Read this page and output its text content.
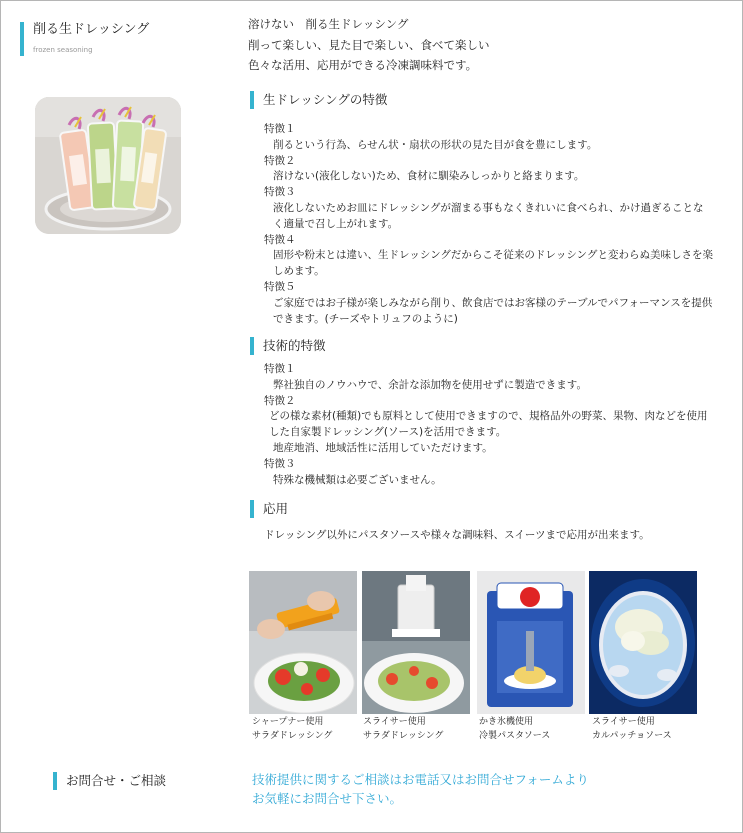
削る生ドレッシング
frozen seasoning
溶けない　削る生ドレッシング
削って楽しい、見た目で楽しい、食べて楽しい
色々な活用、応用ができる冷凍調味料です。
生ドレッシングの特徴
特徴１
削るという行為、らせん状・扇状の形状の見た目が食を豊にします。
特徴２
溶けない(液化しない)ため、食材に馴染みしっかりと絡まります。
特徴３
液化しないためお皿にドレッシングが溜まる事もなくきれいに食べられ、かけ過ぎることなく適量で召し上がれます。
特徴４
固形や粉末とは違い、生ドレッシングだからこそ従来のドレッシングと変わらぬ美味しさを楽しめます。
特徴５
ご家庭ではお子様が楽しみながら削り、飲食店ではお客様のテーブルでパフォーマンスを提供できます。(チーズやトリュフのように)
技術的特徴
特徴１
弊社独自のノウハウで、余計な添加物を使用せずに製造できます。
特徴２
どの様な素材(種類)でも原料として使用できますので、規格品外の野菜、果物、肉などを使用した自家製ドレッシング(ソース)を活用できます。
地産地消、地域活性に活用していただけます。
特徴３
特殊な機械類は必要ございません。
応用
ドレッシング以外にパスタソースや様々な調味料、スイーツまで応用が出来ます。
シャープナー使用
サラダドレッシング
スライサー使用
サラダドレッシング
かき氷機使用
冷製パスタソース
スライサー使用
カルパッチョソース
お問合せ・ご相談	技術提供に関するご相談はお電話又はお問合せフォームより
お気軽にお問合せ下さい。
